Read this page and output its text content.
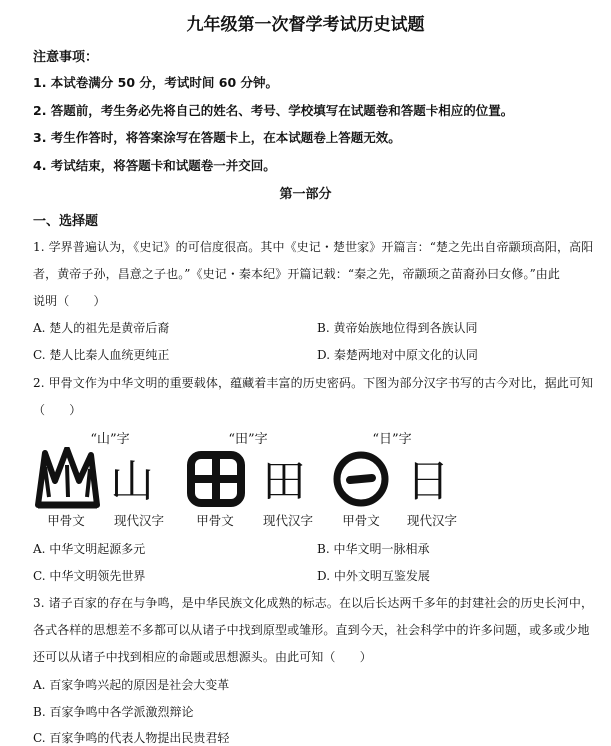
九年级第一次督学考试历史试题
注意事项：
1. 本试卷满分 50 分，考试时间 60 分钟。
2. 答题前，考生务必先将自己的姓名、考号、学校填写在试题卷和答题卡相应的位置。
3. 考生作答时，将答案涂写在答题卡上，在本试题卷上答题无效。
4. 考试结束，将答题卡和试题卷一并交回。
第一部分
一、选择题
1. 学界普遍认为，《史记》的可信度很高。其中《史记・楚世家》开篇言：“楚之先出自帝颛顼高阳，高阳
者，黄帝子孙，昌意之子也。”《史记・秦本纪》开篇记载：“秦之先，帝颛顼之苗裔孙曰女修。”由此
说明（　　）
A. 楚人的祖先是黄帝后裔	B. 黄帝始族地位得到各族认同
C. 楚人比秦人血统更纯正	D. 秦楚两地对中原文化的认同
2. 甲骨文作为中华文明的重要载体，蕴藏着丰富的历史密码。下图为部分汉字书写的古今对比，据此可知
（　　）
“山”字	“田”字	“日”字
山 田 日
甲骨文	现代汉字	甲骨文	现代汉字	甲骨文	现代汉字
A. 中华文明起源多元	B. 中华文明一脉相承
C. 中华文明领先世界	D. 中外文明互鉴发展
3. 诸子百家的存在与争鸣，是中华民族文化成熟的标志。在以后长达两千多年的封建社会的历史长河中，
各式各样的思想差不多都可以从诸子中找到原型或雏形。直到今天，社会科学中的许多问题，或多或少地
还可以从诸子中找到相应的命题或思想源头。由此可知（　　）
A. 百家争鸣兴起的原因是社会大变革
B. 百家争鸣中各学派激烈辩论
C. 百家争鸣的代表人物提出民贵君轻
